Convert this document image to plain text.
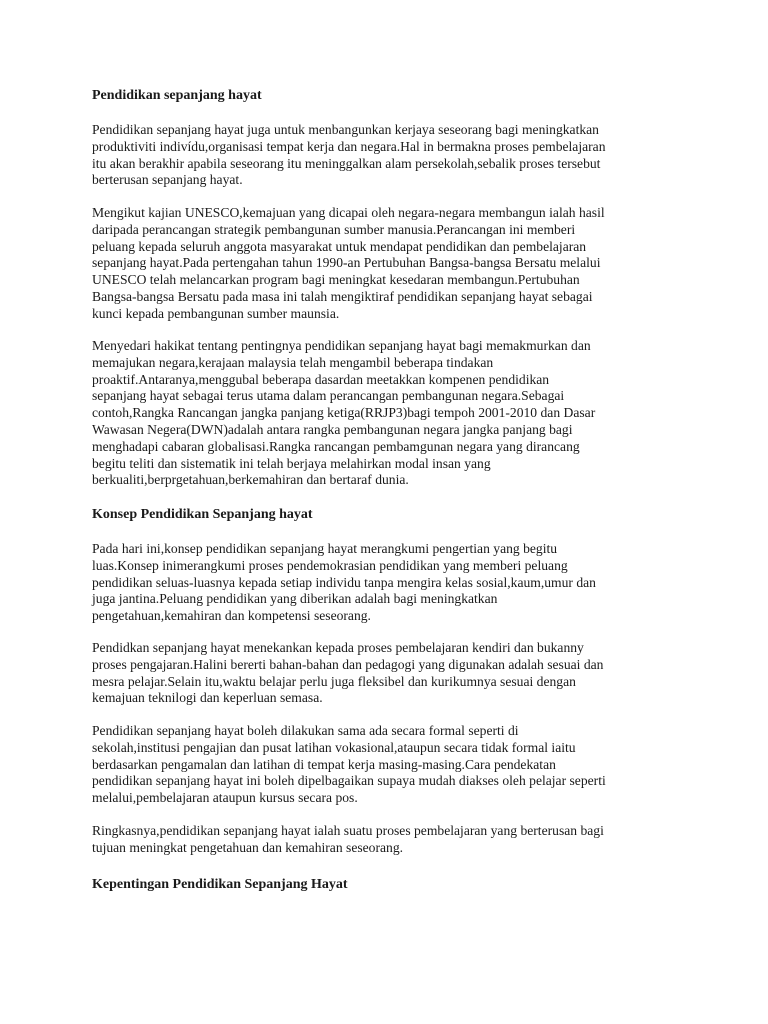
Pendidikan sepanjang hayat

Pendidikan sepanjang hayat juga untuk menbangunkan kerjaya seseorang bagi meningkatkan
produktiviti indivídu,organisasi tempat kerja dan negara.Hal in bermakna proses pembelajaran
itu akan berakhir apabila seseorang itu meninggalkan alam persekolah,sebalik proses tersebut
berterusan sepanjang hayat.

Mengikut kajian UNESCO,kemajuan yang dicapai oleh negara-negara membangun ialah hasil
daripada perancangan strategik pembangunan sumber manusia.Perancangan ini memberi
peluang kepada seluruh anggota masyarakat untuk mendapat pendidikan dan pembelajaran
sepanjang hayat.Pada pertengahan tahun 1990-an Pertubuhan Bangsa-bangsa Bersatu melalui
UNESCO telah melancarkan program bagi meningkat kesedaran membangun.Pertubuhan
Bangsa-bangsa Bersatu pada masa ini talah mengiktiraf pendidikan sepanjang hayat sebagai
kunci kepada pembangunan sumber maunsia.

Menyedari hakikat tentang pentingnya pendidikan sepanjang hayat bagi memakmurkan dan
memajukan negara,kerajaan malaysia telah mengambil beberapa tindakan
proaktif.Antaranya,menggubal beberapa dasardan meetakkan kompenen pendidikan
sepanjang hayat sebagai terus utama dalam perancangan pembangunan negara.Sebagai
contoh,Rangka Rancangan jangka panjang ketiga(RRJP3)bagi tempoh 2001-2010 dan Dasar
Wawasan Negera(DWN)adalah antara rangka pembangunan negara jangka panjang bagi
menghadapi cabaran globalisasi.Rangka rancangan pembamgunan negara yang dirancang
begitu teliti dan sistematik ini telah berjaya melahirkan modal insan yang
berkualiti,berprgetahuan,berkemahiran dan bertaraf dunia.

Konsep Pendidikan Sepanjang hayat

Pada hari ini,konsep pendidikan sepanjang hayat merangkumi pengertian yang begitu
luas.Konsep inimerangkumi proses pendemokrasian pendidikan yang memberi peluang
pendidikan seluas-luasnya kepada setiap individu tanpa mengira kelas sosial,kaum,umur dan
juga jantina.Peluang pendidikan yang diberikan adalah bagi meningkatkan
pengetahuan,kemahiran dan kompetensi seseorang.

Pendidkan sepanjang hayat menekankan kepada proses pembelajaran kendiri dan bukanny
proses pengajaran.Halini bererti bahan-bahan dan pedagogi yang digunakan adalah sesuai dan
mesra pelajar.Selain itu,waktu belajar perlu juga fleksibel dan kurikumnya sesuai dengan
kemajuan teknilogi dan keperluan semasa.

Pendidikan sepanjang hayat boleh dilakukan sama ada secara formal seperti di
sekolah,institusi pengajian dan pusat latihan vokasional,ataupun secara tidak formal iaitu
berdasarkan pengamalan dan latihan di tempat kerja masing-masing.Cara pendekatan
pendidikan sepanjang hayat ini boleh dipelbagaikan supaya mudah diakses oleh pelajar seperti
melalui,pembelajaran ataupun kursus secara pos.

Ringkasnya,pendidikan sepanjang hayat ialah suatu proses pembelajaran yang berterusan bagi
tujuan meningkat pengetahuan dan kemahiran seseorang.

Kepentingan Pendidikan Sepanjang Hayat
